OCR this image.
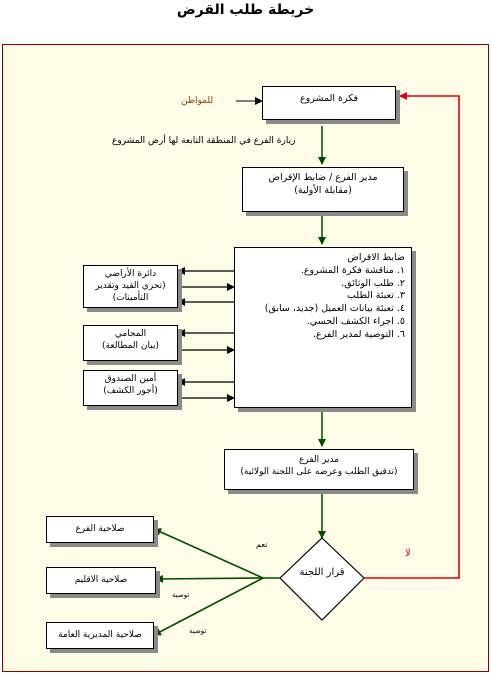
خريطة طلب القرض
فكرة المشروع
مدير الفرع / ضابط الإقراض
(مقابلة الأولية)
ضابط الاقراض
١. مناقشة فكرة المشروع.
٢. طلب الوثائق.
٣. تعبئة الطلب
٤. تعبئة بيانات العميل (جديد، سابق)
٥. اجراء الكشف الحسي.
٦. التوصية لمدير الفرع.
دائرة الأراضي
(تحري القيد وتقدير التأمينات)
المحامي
(بيان المطالعة)
أمين الصندوق
(أجور الكشف)
مدير الفرع
(تدقيق الطلب وعرضه على اللجنة الولائية)
صلاحية الفرع
صلاحية الاقليم
صلاحية المديرية العامة
قرار اللجنة
للمواطن
زيارة الفرع في المنطقة التابعة لها أرض المشروع
نعم
لا
توصية
توصية
